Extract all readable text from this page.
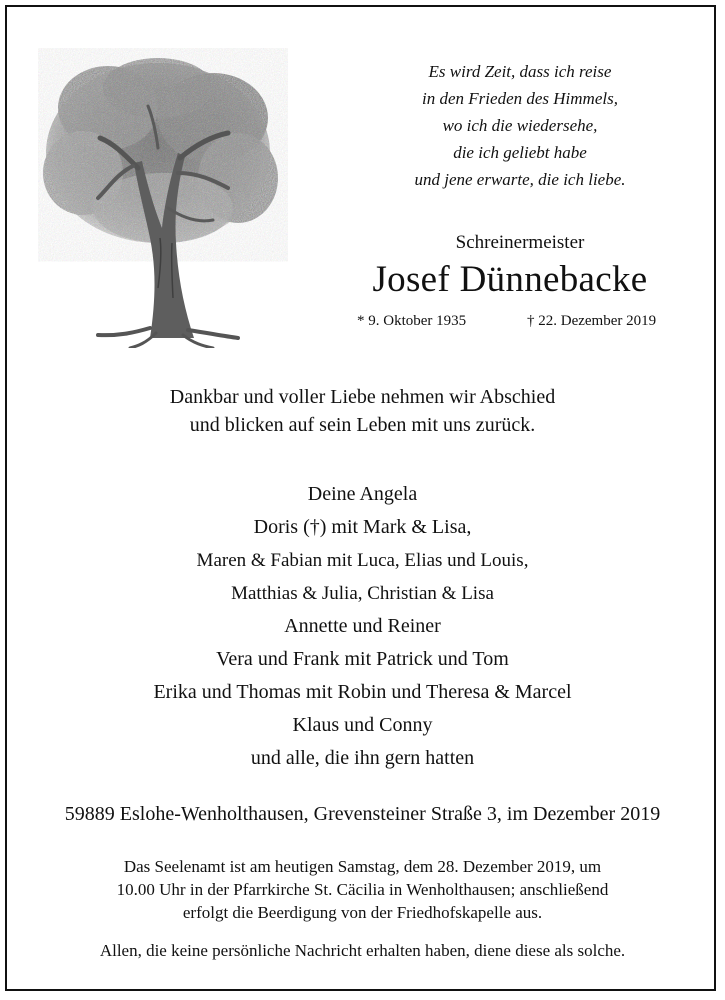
Es wird Zeit, dass ich reise
in den Frieden des Himmels,
wo ich die wiedersehe,
die ich geliebt habe
und jene erwarte, die ich liebe.
Schreinermeister
Josef Dünnebacke
* 9. Oktober 1935	† 22. Dezember 2019
Dankbar und voller Liebe nehmen wir Abschied
und blicken auf sein Leben mit uns zurück.
Deine Angela
Doris (†) mit Mark & Lisa,
Maren & Fabian mit Luca, Elias und Louis,
Matthias & Julia, Christian & Lisa
Annette und Reiner
Vera und Frank mit Patrick und Tom
Erika und Thomas mit Robin und Theresa & Marcel
Klaus und Conny
und alle, die ihn gern hatten
59889 Eslohe-Wenholthausen, Grevensteiner Straße 3, im Dezember 2019
Das Seelenamt ist am heutigen Samstag, dem 28. Dezember 2019, um
10.00 Uhr in der Pfarrkirche St. Cäcilia in Wenholthausen; anschließend
erfolgt die Beerdigung von der Friedhofskapelle aus.
Allen, die keine persönliche Nachricht erhalten haben, diene diese als solche.
